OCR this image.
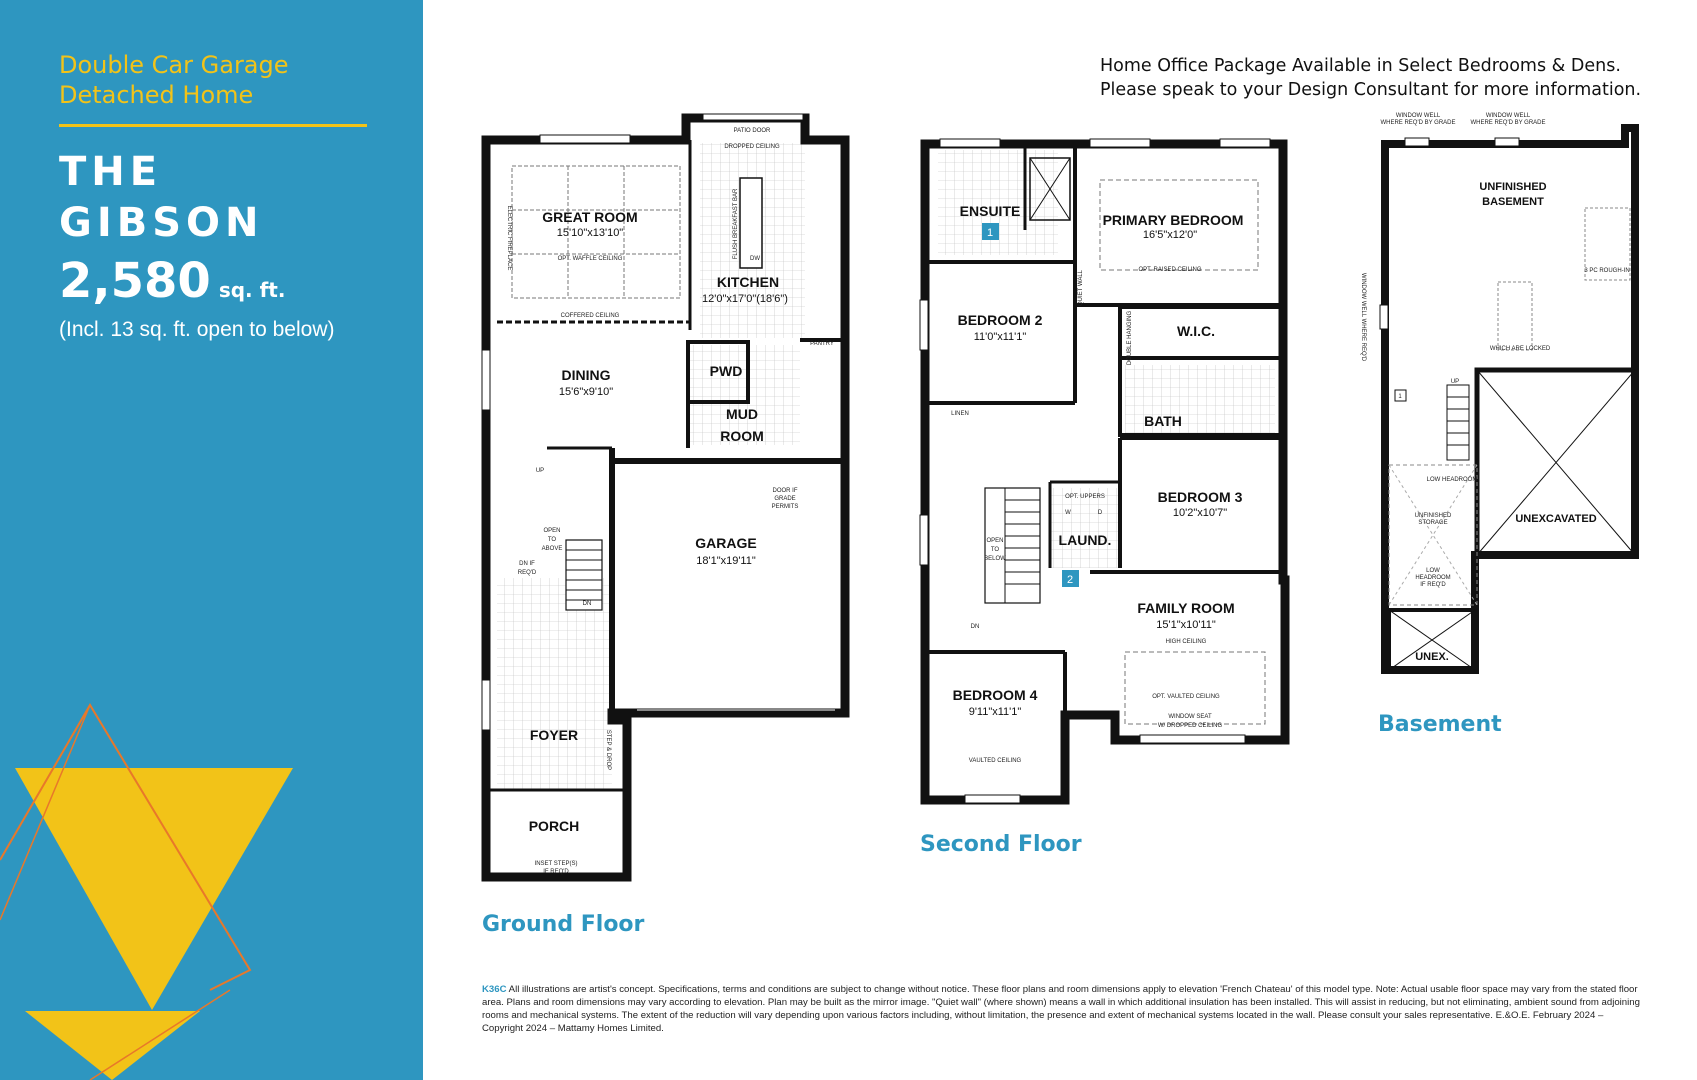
Double Car Garage
Detached Home
THE
GIBSON
2,580 sq. ft.
(Incl. 13 sq. ft. open to below)
Home Office Package Available in Select Bedrooms & Dens.
Please speak to your Design Consultant for more information.
GREAT ROOM
15'10"x13'10"
OPT. WAFFLE CEILING
COFFERED CEILING
PATIO DOOR
DROPPED CEILING
KITCHEN
12'0"x17'0"(18'6")
DW
PANTRY
DINING
15'6"x9'10"
PWD
MUD
ROOM
DOOR IF
GRADE
PERMITS
GARAGE
18'1"x19'11"
OPEN
TO
ABOVE
DN IF
REQ'D
UP
DN
FOYER
PORCH
INSET STEP(S)
IF REQ'D
STEP & DROP
ELECTRIC FIREPLACE	FLUSH BREAKFAST BAR	ENSUITE
1
PRIMARY BEDROOM
16'5"x12'0"
OPT. RAISED CEILING
BEDROOM 2
11'0"x11'1"	W.I.C.
BATH
LINEN
BEDROOM 3
10'2"x10'7"
OPT. UPPERS
W	D
LAUND.
2
FAMILY ROOM
15'1"x10'11"
HIGH CEILING
OPT. VAULTED CEILING
WINDOW SEAT
W/ DROPPED CEILING
BEDROOM 4
9'11"x11'1"
VAULTED CEILING
OPEN
TO
BELOW
DN
QUIET WALL
DOUBLE HANGING
1
WINDOW WELL
WHERE REQ'D BY GRADE
WINDOW WELL
WHERE REQ'D BY GRADE
WINDOW WELL WHERE REQ'D
UNFINISHED
BASEMENT
UNEXCAVATED
UNEX.
UP
LOW HEADROOM
UNFINISHED
STORAGE
LOW
HEADROOM
IF REQ'D
3 PC ROUGH-IN
WHICH ARE LOCKED
Ground Floor
Second Floor
Basement
K36C All illustrations are artist's concept. Specifications, terms and conditions are subject to change without notice. These floor plans and room dimensions apply to elevation 'French Chateau' of this model type. Note: Actual usable floor space may vary from the stated floor area. Plans and room dimensions may vary according to elevation. Plan may be built as the mirror image. "Quiet wall" (where shown) means a wall in which additional insulation has been installed. This will assist in reducing, but not eliminating, ambient sound from adjoining rooms and mechanical systems. The extent of the reduction will vary depending upon various factors including, without limitation, the presence and extent of mechanical systems located in the wall. Please consult your sales representative. E.&O.E. February 2024 – Copyright 2024 – Mattamy Homes Limited.
